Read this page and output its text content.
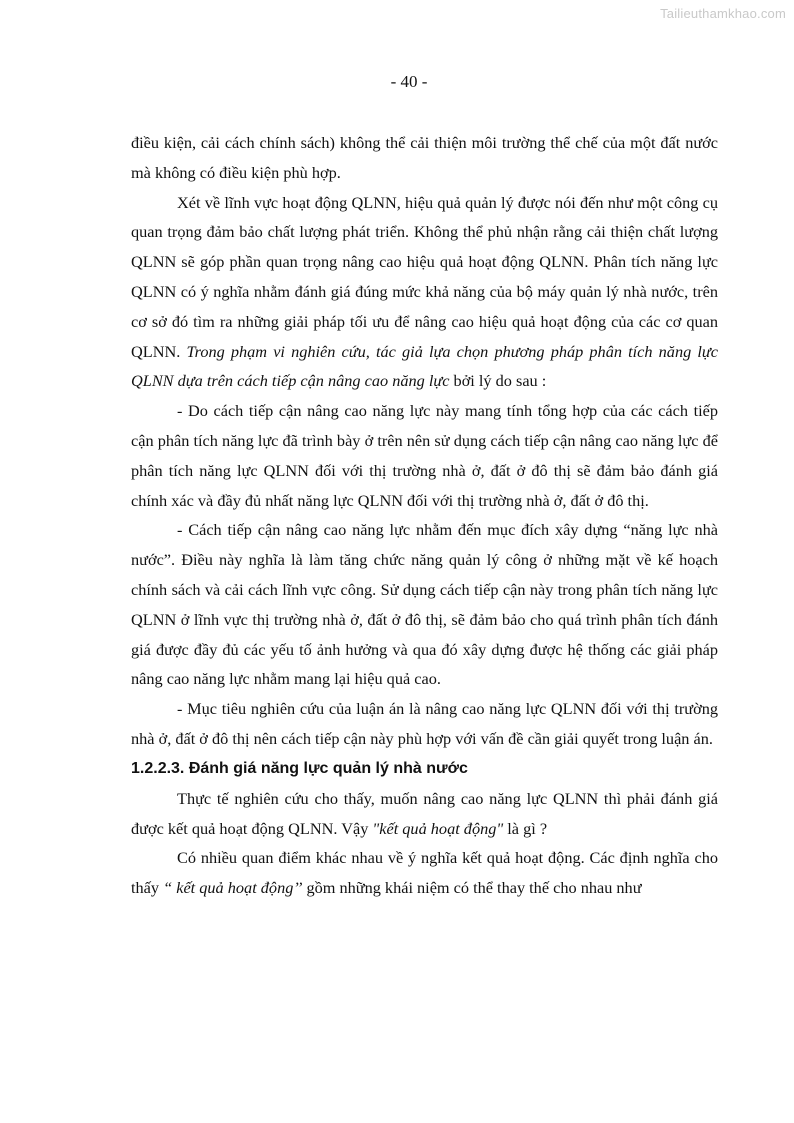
Tailieuthamkhao.com
- 40 -

điều kiện, cải cách chính sách) không thể cải thiện môi trường thể chế của một đất nước mà không có điều kiện phù hợp.

Xét về lĩnh vực hoạt động QLNN, hiệu quả quản lý được nói đến như một công cụ quan trọng đảm bảo chất lượng phát triển. Không thể phủ nhận rằng cải thiện chất lượng QLNN sẽ góp phần quan trọng nâng cao hiệu quả hoạt động QLNN. Phân tích năng lực QLNN có ý nghĩa nhằm đánh giá đúng mức khả năng của bộ máy quản lý nhà nước, trên cơ sở đó tìm ra những giải pháp tối ưu để nâng cao hiệu quả hoạt động của các cơ quan QLNN. Trong phạm vi nghiên cứu, tác giả lựa chọn phương pháp phân tích năng lực QLNN dựa trên cách tiếp cận nâng cao năng lực bởi lý do sau :

- Do cách tiếp cận nâng cao năng lực này mang tính tổng hợp của các cách tiếp cận phân tích năng lực đã trình bày ở trên nên sử dụng cách tiếp cận nâng cao năng lực để phân tích năng lực QLNN đối với thị trường nhà ở, đất ở đô thị sẽ đảm bảo đánh giá chính xác và đầy đủ nhất năng lực QLNN đối với thị trường nhà ở, đất ở đô thị.

- Cách tiếp cận nâng cao năng lực nhằm đến mục đích xây dựng “năng lực nhà nước”. Điều này nghĩa là làm tăng chức năng quản lý công ở những mặt về kế hoạch chính sách và cải cách lĩnh vực công. Sử dụng cách tiếp cận này trong phân tích năng lực QLNN ở lĩnh vực thị trường nhà ở, đất ở đô thị, sẽ đảm bảo cho quá trình phân tích đánh giá được đầy đủ các yếu tố ảnh hưởng và qua đó xây dựng được hệ thống các giải pháp nâng cao năng lực nhằm mang lại hiệu quả cao.

- Mục tiêu nghiên cứu của luận án là nâng cao năng lực QLNN đối với thị trường nhà ở, đất ở đô thị nên cách tiếp cận này phù hợp với vấn đề cần giải quyết trong luận án.

1.2.2.3. Đánh giá năng lực quản lý nhà nước

Thực tế nghiên cứu cho thấy, muốn nâng cao năng lực QLNN thì phải đánh giá được kết quả hoạt động QLNN. Vậy "kết quả hoạt động" là gì ?

Có nhiều quan điểm khác nhau về ý nghĩa kết quả hoạt động. Các định nghĩa cho thấy “ kết quả hoạt động’’ gồm những khái niệm có thể thay thế cho nhau như
